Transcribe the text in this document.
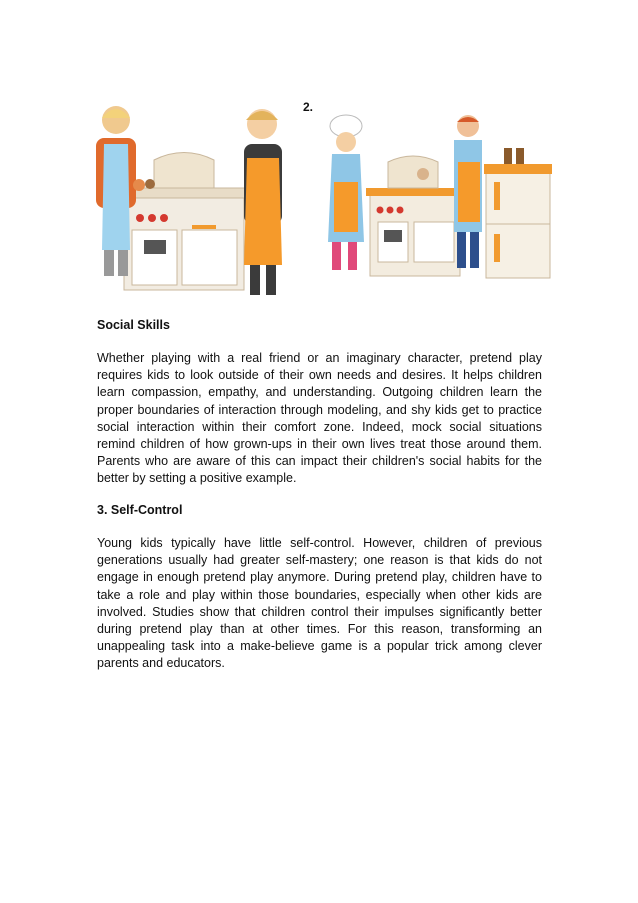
2.
Social Skills

Whether playing with a real friend or an imaginary character, pretend play requires kids to look outside of their own needs and desires. It helps children learn compassion, empathy, and understanding. Outgoing children learn the proper boundaries of interaction through modeling, and shy kids get to practice social interaction within their comfort zone. Indeed, mock social situations remind children of how grown-ups in their own lives treat those around them. Parents who are aware of this can impact their children's social habits for the better by setting a positive example.

3. Self-Control

Young kids typically have little self-control. However, children of previous generations usually had greater self-mastery; one reason is that kids do not engage in enough pretend play anymore. During pretend play, children have to take a role and play within those boundaries, especially when other kids are involved. Studies show that children control their impulses significantly better during pretend play than at other times. For this reason, transforming an unappealing task into a make-believe game is a popular trick among clever parents and educators.
